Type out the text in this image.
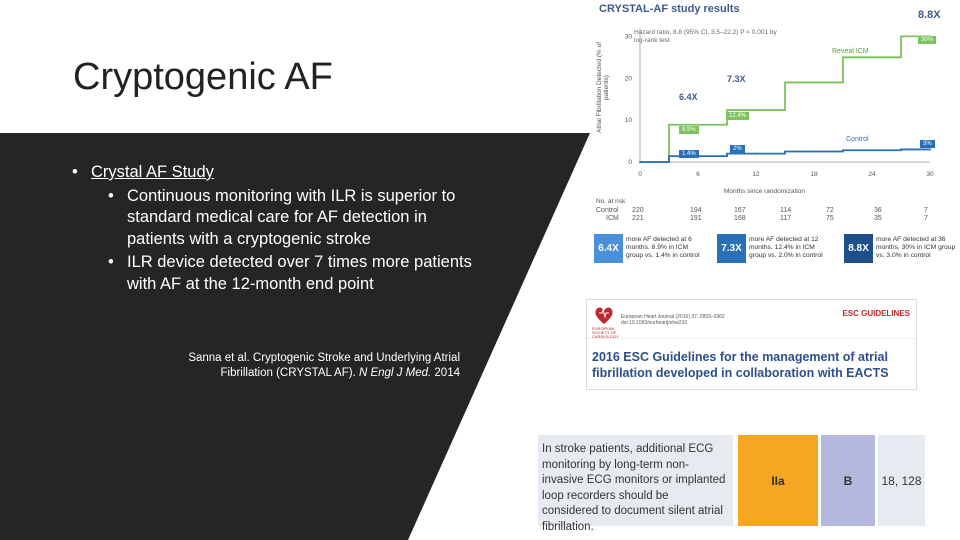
Cryptogenic AF
• Crystal AF Study
• Continuous monitoring with ILR is superior to standard medical care for AF detection in patients with a cryptogenic stroke
• ILR device detected over 7 times more patients with AF at the 12-month end point
Sanna et al. Cryptogenic Stroke and Underlying Atrial Fibrillation (CRYSTAL AF). N Engl J Med. 2014
CRYSTAL-AF study results	8.8X
Hazard ratio, 8.8 (95% CI, 3.5–22.2) P < 0.001 by log-rank test
Atrial Fibrillation Detected (% of patients)
0
10
20
30
0	6	12	18	24	30
Months since randomization
6.4X
7.3X
8.9%
1.4%
12.4%
2%
30%
3%
Reveal ICM
Control
No. at risk
Control
ICM
220	194	167	114	72	36	7
221	191	168	117	75	35	7
6.4X
more AF detected at 6 months. 8.9% in ICM group vs. 1.4% in control
7.3X
more AF detected at 12 months. 12.4% in ICM group vs. 2.0% in control
8.8X
more AF detected at 36 months. 30% in ICM group vs. 3.0% in control
EUROPEAN SOCIETY OF CARDIOLOGY
European Heart Journal (2016) 37, 2893–2962
doi:10.1093/eurheartj/ehw210
ESC GUIDELINES
2016 ESC Guidelines for the management of atrial fibrillation developed in collaboration with EACTS
In stroke patients, additional ECG monitoring by long-term non-invasive ECG monitors or implanted loop recorders should be considered to document silent atrial fibrillation.
IIa	B	18, 128
